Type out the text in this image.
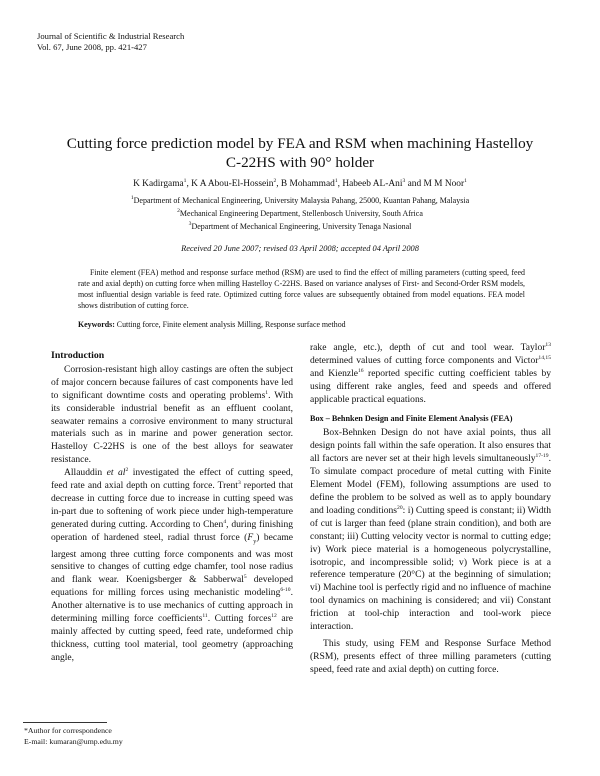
Journal of Scientific & Industrial Research
Vol. 67, June 2008, pp. 421-427
Cutting force prediction model by FEA and RSM when machining Hastelloy
C-22HS with 90° holder
K Kadirgama$^1$, K A Abou-El-Hossein$^2$, B Mohammad$^1$, Habeeb AL-Ani$^3$ and M M Noor$^1$
$^1$Department of Mechanical Engineering, University Malaysia Pahang, 25000, Kuantan Pahang, Malaysia
$^2$Mechanical Engineering Department, Stellenbosch University, South Africa
$^3$Department of Mechanical Engineering, University Tenaga Nasional
Received 20 June 2007; revised 03 April 2008; accepted 04 April 2008
Finite element (FEA) method and response surface method (RSM) are used to find the effect of milling parameters (cutting speed, feed rate and axial depth) on cutting force when milling Hastelloy C-22HS. Based on variance analyses of First- and Second-Order RSM models, most influential design variable is feed rate. Optimized cutting force values are subsequently obtained from model equations. FEA model shows distribution of cutting force.
Keywords: Cutting force, Finite element analysis Milling, Response surface method
Introduction

Corrosion-resistant high alloy castings are often the subject of major concern because failures of cast components have led to significant downtime costs and operating problems$^1$. With its considerable industrial benefit as an effluent coolant, seawater remains a corrosive environment to many structural materials such as in marine and power generation sector. Hastelloy C-22HS is one of the best alloys for seawater resistance.

Allauddin et $al^2$ investigated the effect of cutting speed, feed rate and axial depth on cutting force. Trent$^3$ reported that decrease in cutting force due to increase in cutting speed was in-part due to softening of work piece under high-temperature generated during cutting. According to Chen$^4$, during finishing operation of hardened steel, radial thrust force $(F_y)$ became largest among three cutting force components and was most sensitive to changes of cutting edge chamfer, tool nose radius and flank wear. Koenigsberger & Sabberwal$^5$ developed equations for milling forces using mechanistic modeling$^{6-10}$. Another alternative is to use mechanics of cutting approach in determining milling force coefficients$^{11}$. Cutting forces$^{12}$ are mainly affected by cutting speed, feed rate, undeformed chip thickness, cutting tool material, tool geometry (approaching angle,

rake angle, etc.), depth of cut and tool wear. Taylor$^{13}$ determined values of cutting force components and Victor$^{14,15}$ and Kienzle$^{16}$ reported specific cutting coefficient tables by using different rake angles, feed and speeds and offered applicable practical equations.

Box – Behnken Design and Finite Element Analysis (FEA)

Box-Behnken Design do not have axial points, thus all design points fall within the safe operation. It also ensures that all factors are never set at their high levels simultaneously$^{17-19}$. To simulate compact procedure of metal cutting with Finite Element Model (FEM), following assumptions are used to define the problem to be solved as well as to apply boundary and loading conditions$^{20}$: i) Cutting speed is constant; ii) Width of cut is larger than feed (plane strain condition), and both are constant; iii) Cutting velocity vector is normal to cutting edge; iv) Work piece material is a homogeneous polycrystalline, isotropic, and incompressible solid; v) Work piece is at a reference temperature (20°C) at the beginning of simulation; vi) Machine tool is perfectly rigid and no influence of machine tool dynamics on machining is considered; and vii) Constant friction at tool-chip interaction and tool-work piece interaction.

This study, using FEM and Response Surface Method (RSM), presents effect of three milling parameters (cutting speed, feed rate and axial depth) on cutting force.

*Author for correspondence
E-mail: kumaran@ump.edu.my
